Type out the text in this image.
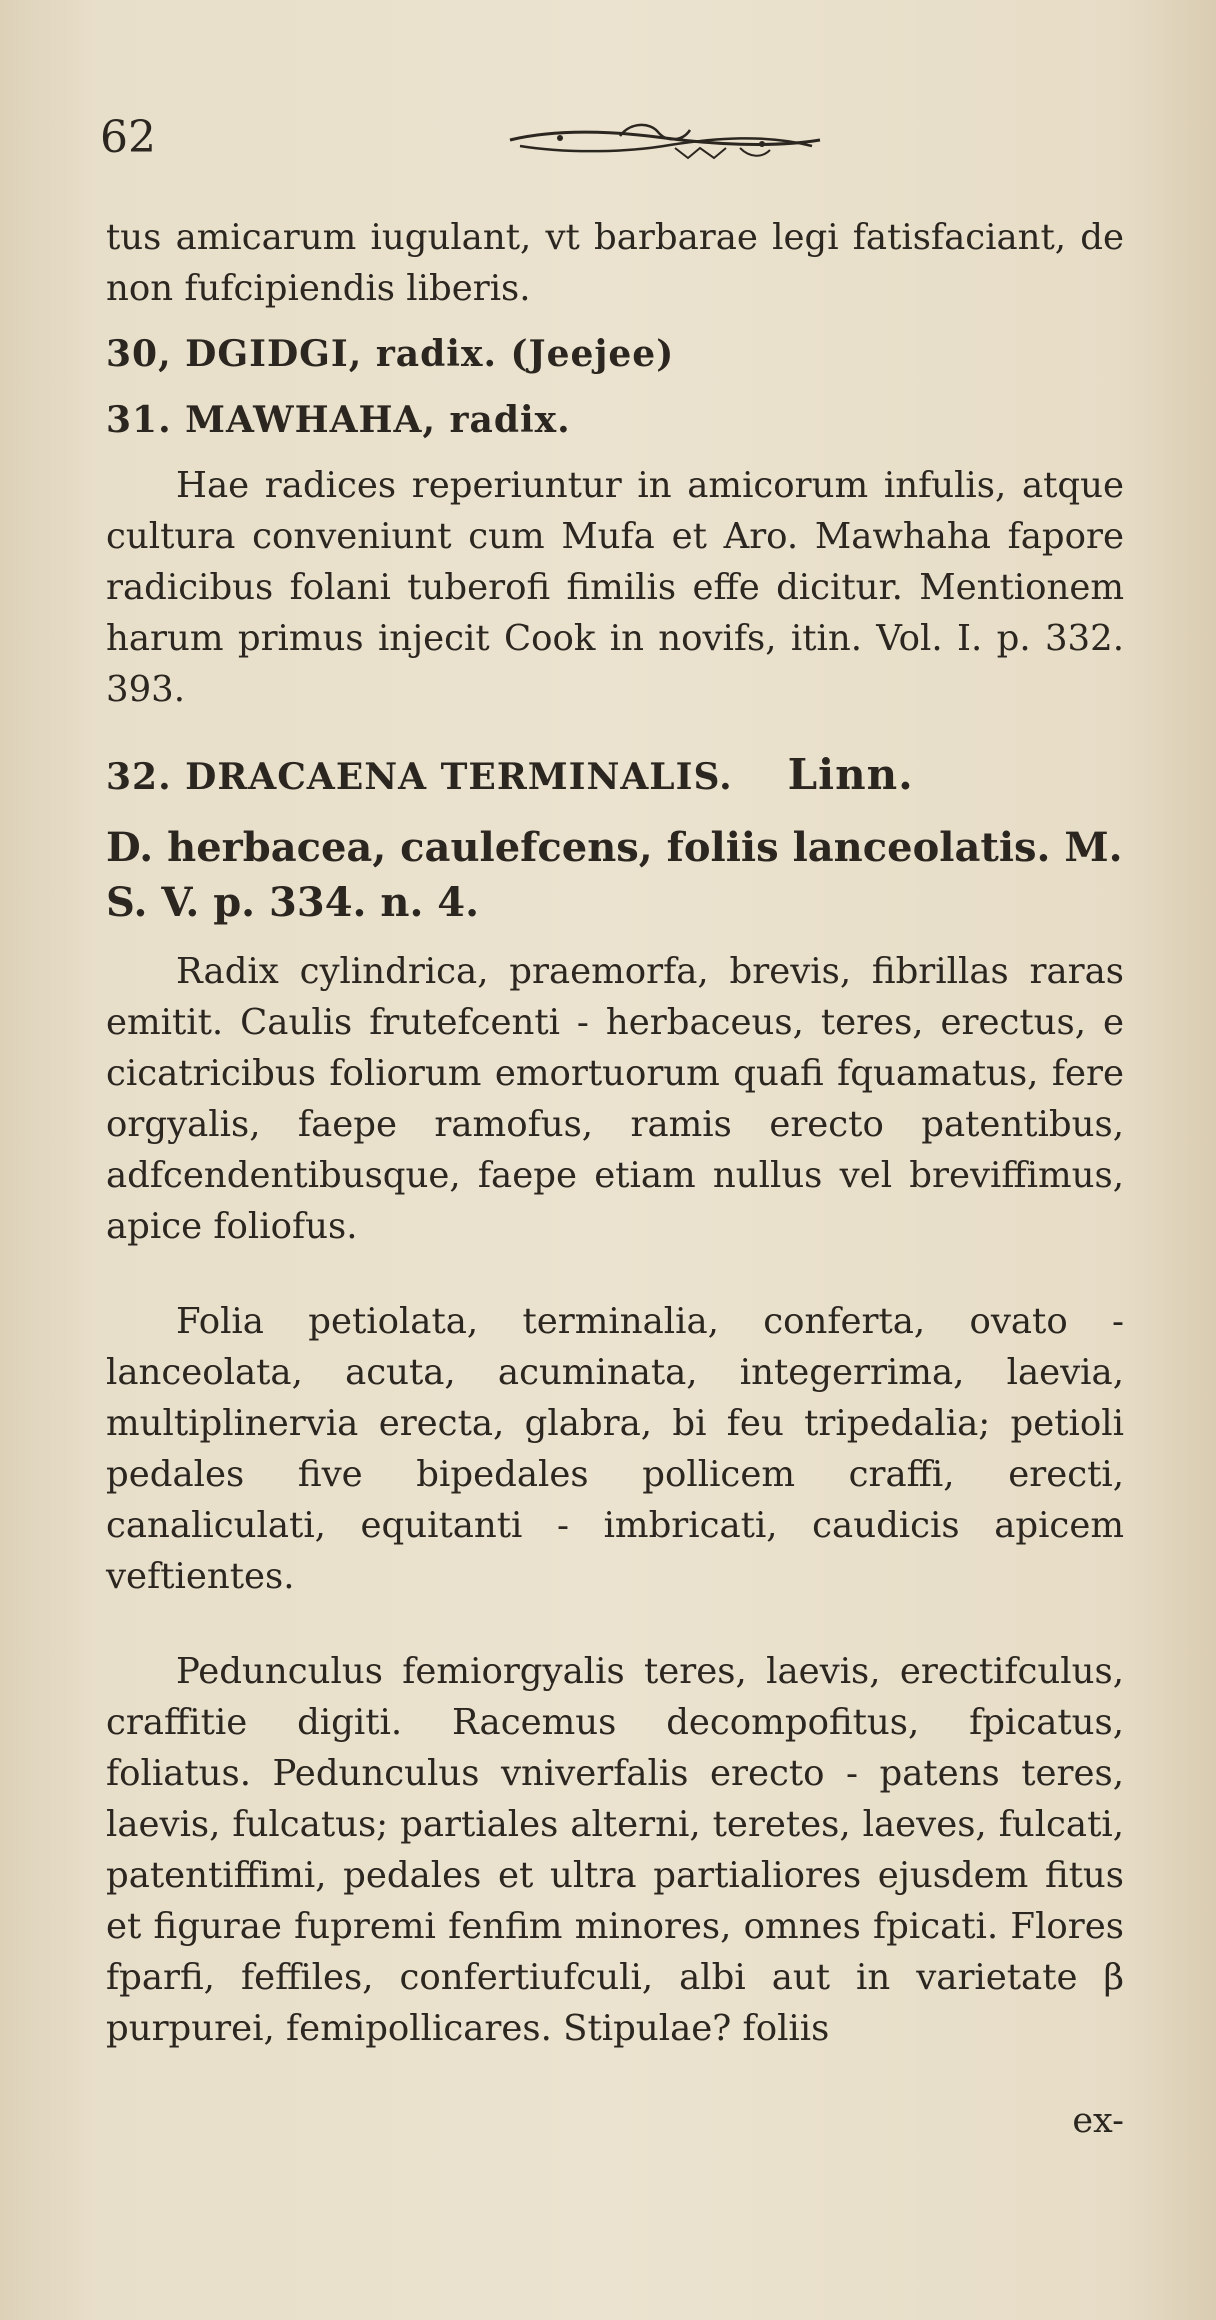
62

tus amicarum iugulant, vt barbarae legi fatisfaciant, de non fufcipiendis liberis.

30, DGIDGI, radix. (Jeejee)

31. MAWHAHA, radix.

Hae radices reperiuntur in amicorum infulis, atque cultura conveniunt cum Mufa et Aro. Mawhaha fapore radicibus folani tuberofi fimilis effe dicitur. Mentionem harum primus injecit Cook in novifs, itin. Vol. I. p. 332. 393.

32. DRACAENA TERMINALIS. Linn.

D. herbacea, caulefcens, foliis lanceolatis. M. S. V. p. 334. n. 4.

Radix cylindrica, praemorfa, brevis, fibrillas raras emitit. Caulis frutefcenti - herbaceus, teres, erectus, e cicatricibus foliorum emortuorum quafi fquamatus, fere orgyalis, faepe ramofus, ramis erecto patentibus, adfcendentibusque, faepe etiam nullus vel breviffimus, apice foliofus.

Folia petiolata, terminalia, conferta, ovato - lanceolata, acuta, acuminata, integerrima, laevia, multiplinervia erecta, glabra, bi feu tripedalia; petioli pedales five bipedales pollicem craffi, erecti, canaliculati, equitanti - imbricati, caudicis apicem veftientes.

Pedunculus femiorgyalis teres, laevis, erectifculus, craffitie digiti. Racemus decompofitus, fpicatus, foliatus. Pedunculus vniverfalis erecto - patens teres, laevis, fulcatus; partiales alterni, teretes, laeves, fulcati, patentiffimi, pedales et ultra partialiores ejusdem fitus et figurae fupremi fenfim minores, omnes fpicati. Flores fparfi, feffiles, confertiufculi, albi aut in varietate β purpurei, femipollicares. Stipulae? foliis

ex-
